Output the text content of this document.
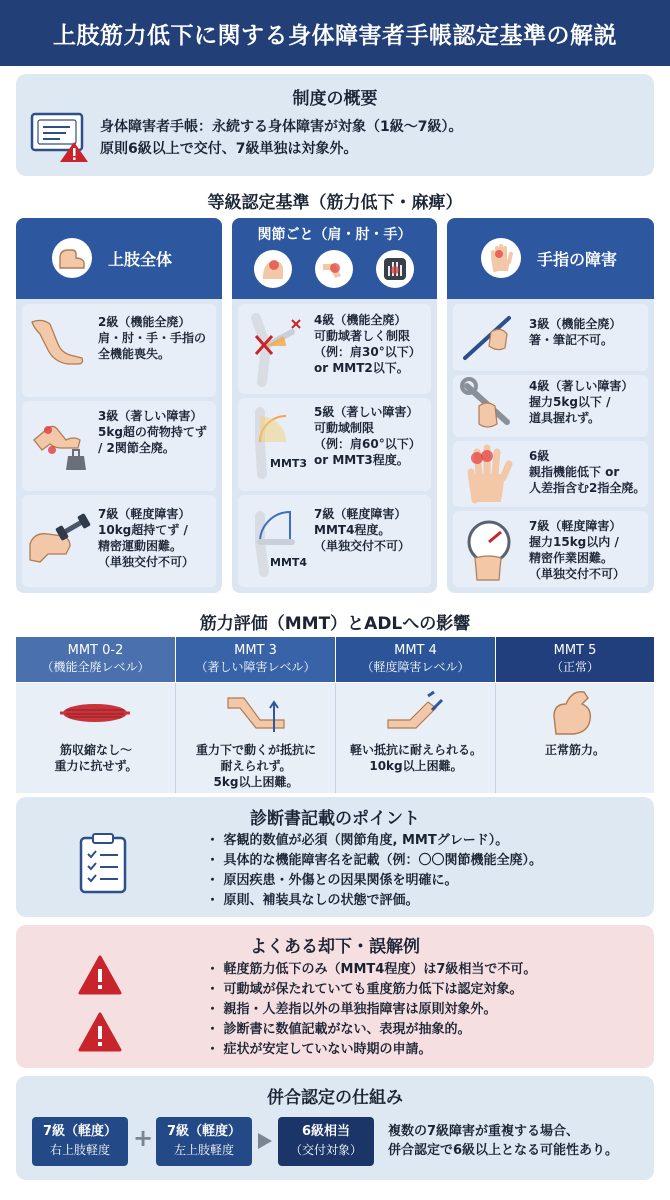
上肢筋力低下に関する身体障害者手帳認定基準の解説
制度の概要
身体障害者手帳：永続する身体障害が対象（1級〜7級）。
原則6級以上で交付、7級単独は対象外。
等級認定基準（筋力低下・麻痺）
上肢全体
2級（機能全廃）
肩・肘・手・手指の
全機能喪失。
3級（著しい障害）
5kg超の荷物持てず
/ 2関節全廃。
7級（軽度障害）
10kg超持てず /
精密運動困難。
（単独交付不可）
関節ごと（肩・肘・手）
MMT3
MMT4
4級（機能全廃）
可動域著しく制限
（例：肩30°以下）
or MMT2以下。
5級（著しい障害）
可動域制限
（例：肩60°以下）
or MMT3程度。
7級（軽度障害）
MMT4程度。
（単独交付不可）
手指の障害
3級（機能全廃）
箸・筆記不可。
4級（著しい障害）
握力5kg以下 /
道具握れず。
6級
親指機能低下 or
人差指含む2指全廃。
7級（軽度障害）
握力15kg以内 /
精密作業困難。
（単独交付不可）
筋力評価（MMT）とADLへの影響
MMT 0-2
（機能全廃レベル）
MMT 3
（著しい障害レベル）
MMT 4
（軽度障害レベル）
MMT 5
（正常）
筋収縮なし〜
重力に抗せず。
重力下で動くが抵抗に
耐えられず。
5kg以上困難。
軽い抵抗に耐えられる。
10kg以上困難。
正常筋力。
診断書記載のポイント
・ 客観的数値が必須（関節角度, MMTグレード）。
・ 具体的な機能障害名を記載（例：〇〇関節機能全廃）。
・ 原因疾患・外傷との因果関係を明確に。
・ 原則、補装具なしの状態で評価。
よくある却下・誤解例
・ 軽度筋力低下のみ（MMT4程度）は7級相当で不可。
・ 可動域が保たれていても重度筋力低下は認定対象。
・ 親指・人差指以外の単独指障害は原則対象外。
・ 診断書に数値記載がない、表現が抽象的。
・ 症状が安定していない時期の申請。
併合認定の仕組み
7級（軽度）
右上肢軽度 +	7級（軽度）
左上肢軽度
6級相当
（交付対象）
複数の7級障害が重複する場合、
併合認定で6級以上となる可能性あり。
